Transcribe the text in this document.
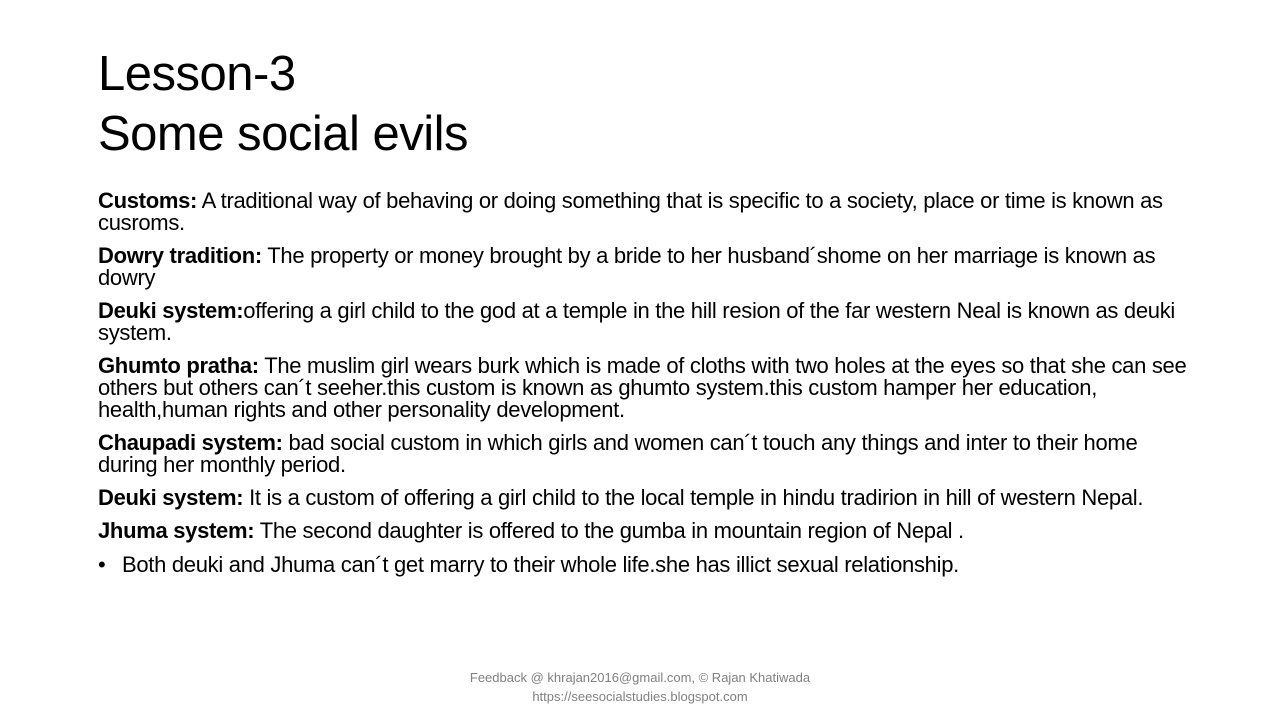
Lesson-3
Some social evils

Customs: A traditional way of behaving or doing something that is specific to a society, place or time is known as cusroms.

Dowry tradition: The property or money brought by a bride to her husband´shome on her marriage is known as dowry

Deuki system:offering a girl child to the god at a temple in the hill resion of the far western Neal is known as deuki system.

Ghumto pratha: The muslim girl wears burk which is made of cloths with two holes at the eyes so that she can see others but others can´t seeher.this custom is known as ghumto system.this custom hamper her education, health,human rights and other personality development.

Chaupadi system: bad social custom in which girls and women can´t touch any things and inter to their home during her monthly period.

Deuki system: It is a custom of offering a girl child to the local temple in hindu tradirion in hill of western Nepal.

Jhuma system: The second daughter is offered to the gumba in mountain region of Nepal .

• Both deuki and Jhuma can´t get marry to their whole life.she has illict sexual relationship.
Feedback @ khrajan2016@gmail.com, © Rajan Khatiwada
https://seesocialstudies.blogspot.com
